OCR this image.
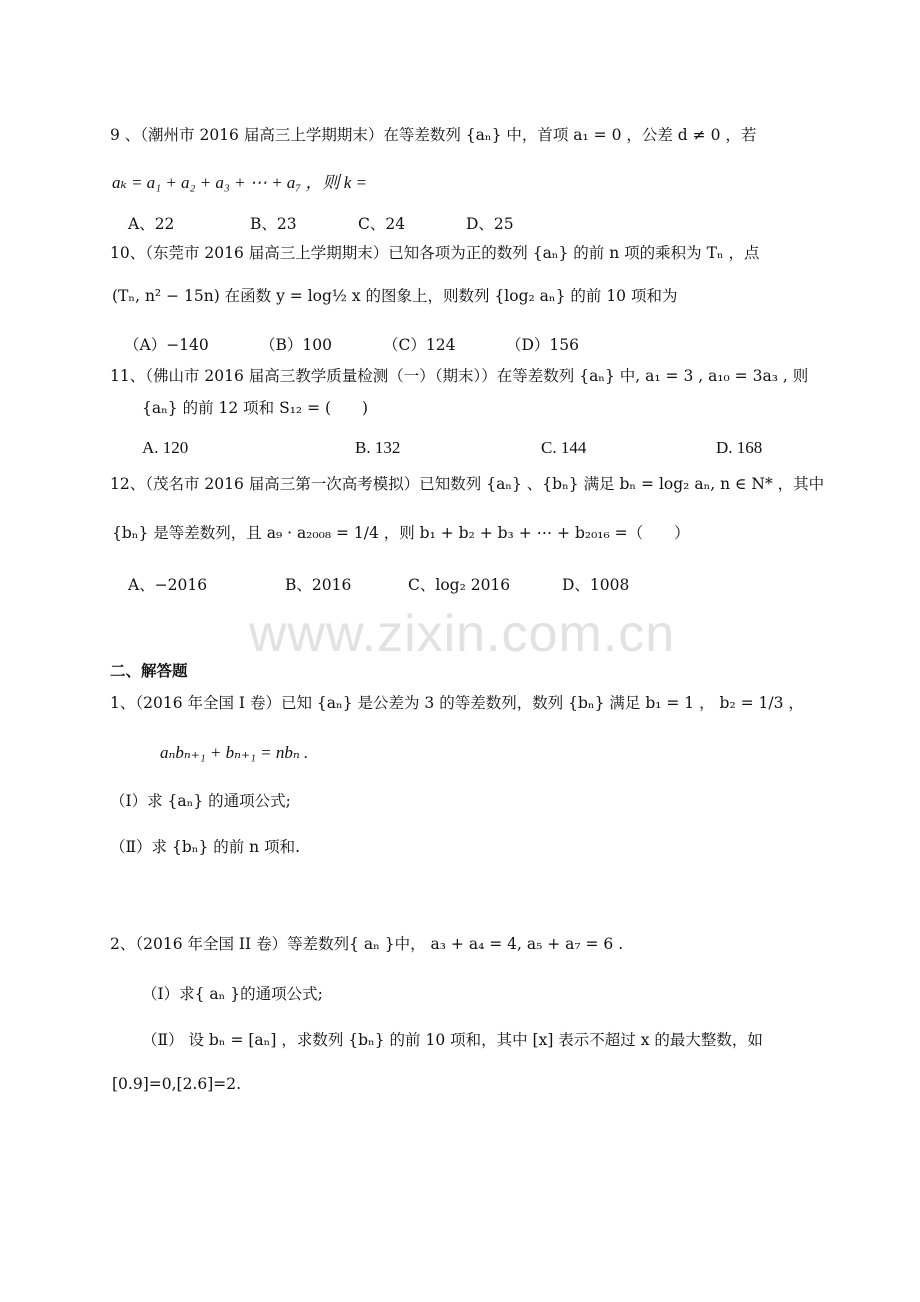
9 、（潮州市 2016 届高三上学期期末）在等差数列 {aₙ} 中，首项 a₁ = 0 ，公差 d ≠ 0 ，若
aₖ = a₁ + a₂ + a₃ + ⋯ + a₇ ，则 k =
A、22	B、23	C、24	D、25
10、（东莞市 2016 届高三上学期期末）已知各项为正的数列 {aₙ} 的前 n 项的乘积为 Tₙ ，点
(Tₙ, n² − 15n) 在函数 y = log½ x 的图象上，则数列 {log₂ aₙ} 的前 10 项和为
（A）−140	（B）100	（C）124	（D）156
11、（佛山市 2016 届高三教学质量检测（一）（期末））在等差数列 {aₙ} 中, a₁ = 3 , a₁₀ = 3a₃ , 则
{aₙ} 的前 12 项和 S₁₂ = (　　)
A. 120	B. 132	C. 144	D. 168
12、（茂名市 2016 届高三第一次高考模拟）已知数列 {aₙ} 、{bₙ} 满足 bₙ = log₂ aₙ, n ∈ N* ，其中
{bₙ} 是等差数列，且 a₉ · a₂₀₀₈ = 1/4 ，则 b₁ + b₂ + b₃ + ⋯ + b₂₀₁₆ =（　　）
A、−2016	B、2016	C、log₂ 2016	D、1008
www.zixin.com.cn
二、解答题
1、（2016 年全国 I 卷）已知 {aₙ} 是公差为 3 的等差数列，数列 {bₙ} 满足 b₁ = 1 ， b₂ = 1/3 ，
aₙbₙ₊₁ + bₙ₊₁ = nbₙ .
（Ⅰ）求 {aₙ} 的通项公式;
（Ⅱ）求 {bₙ} 的前 n 项和.
2、（2016 年全国 II 卷）等差数列{ aₙ }中， a₃ + a₄ = 4, a₅ + a₇ = 6 .
（Ⅰ）求{ aₙ }的通项公式;
（Ⅱ） 设 bₙ = [aₙ] ，求数列 {bₙ} 的前 10 项和，其中 [x] 表示不超过 x 的最大整数，如
[0.9]=0,[2.6]=2.
